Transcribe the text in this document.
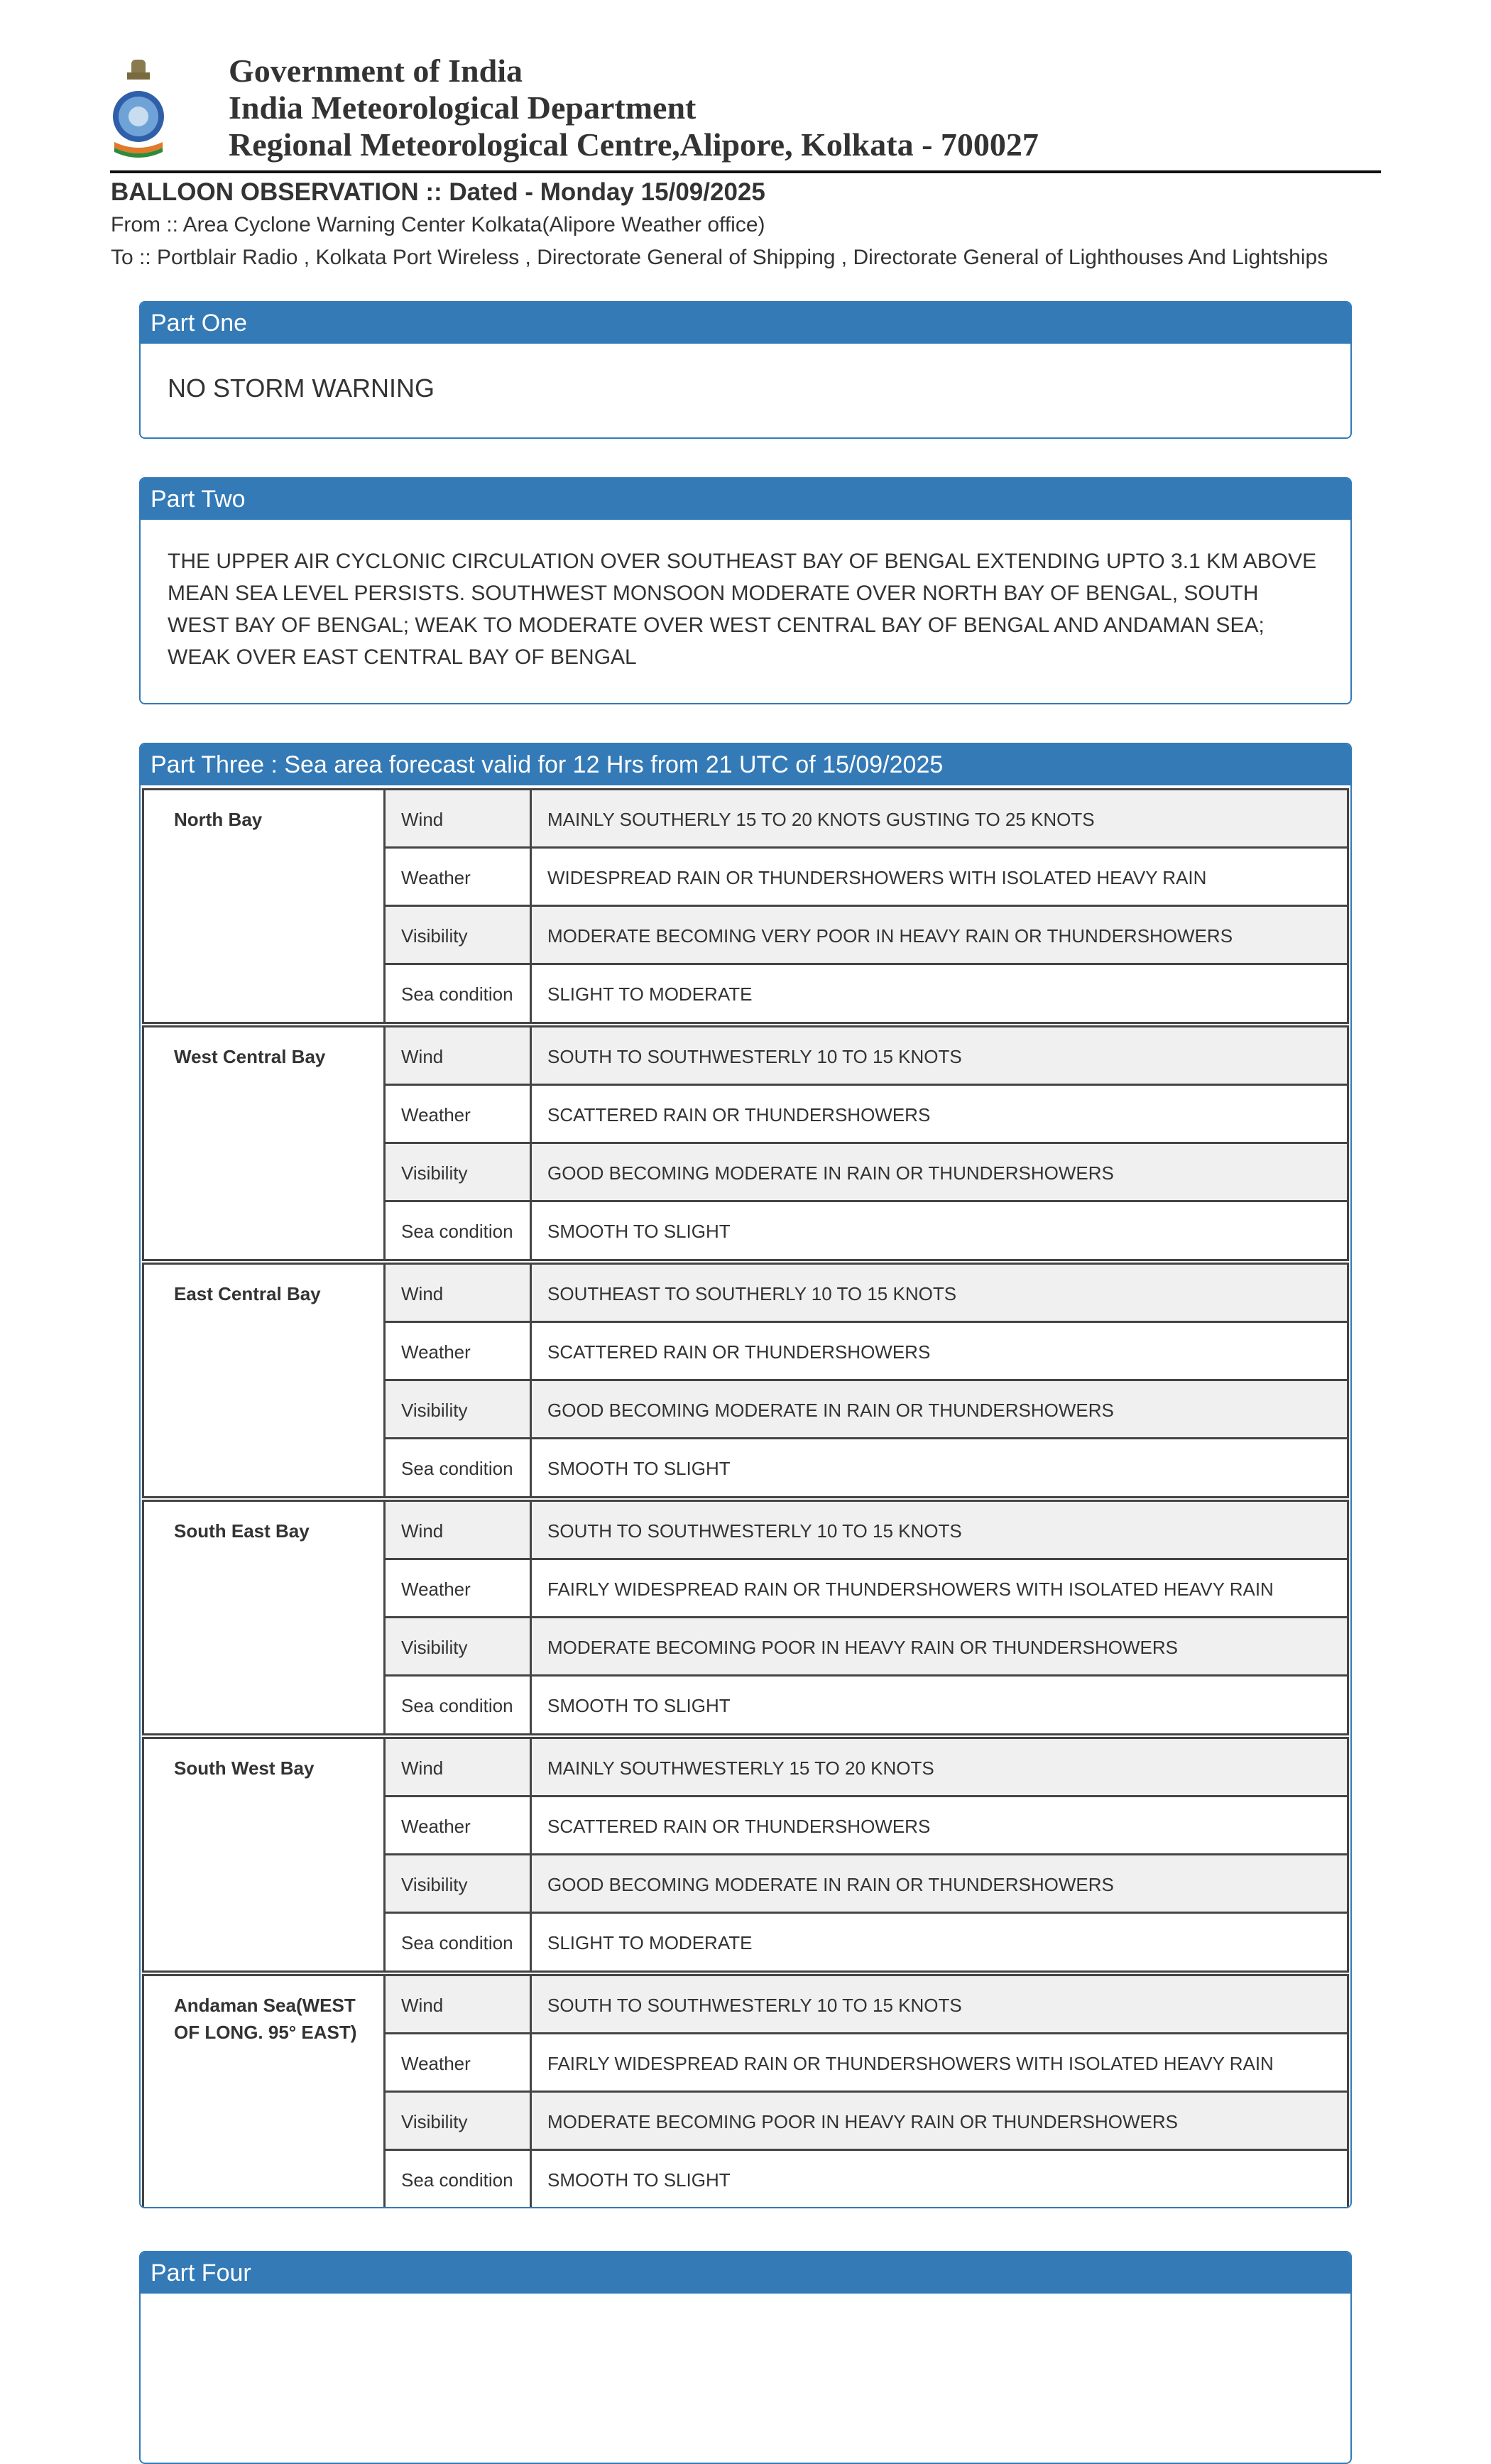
Government of India
India Meteorological Department
Regional Meteorological Centre,Alipore, Kolkata - 700027
BALLOON OBSERVATION :: Dated - Monday 15/09/2025
From :: Area Cyclone Warning Center Kolkata(Alipore Weather office)
To :: Portblair Radio , Kolkata Port Wireless , Directorate General of Shipping , Directorate General of Lighthouses And Lightships
Part One
NO STORM WARNING
Part Two
THE UPPER AIR CYCLONIC CIRCULATION OVER SOUTHEAST BAY OF BENGAL EXTENDING UPTO 3.1 KM ABOVE MEAN SEA LEVEL PERSISTS. SOUTHWEST MONSOON MODERATE OVER NORTH BAY OF BENGAL, SOUTH WEST BAY OF BENGAL; WEAK TO MODERATE OVER WEST CENTRAL BAY OF BENGAL AND ANDAMAN SEA; WEAK OVER EAST CENTRAL BAY OF BENGAL
Part Three : Sea area forecast valid for 12 Hrs from 21 UTC of 15/09/2025
North Bay	Wind	MAINLY SOUTHERLY 15 TO 20 KNOTS GUSTING TO 25 KNOTS
Weather	WIDESPREAD RAIN OR THUNDERSHOWERS WITH ISOLATED HEAVY RAIN
Visibility	MODERATE BECOMING VERY POOR IN HEAVY RAIN OR THUNDERSHOWERS
Sea condition	SLIGHT TO MODERATE
West Central Bay	Wind	SOUTH TO SOUTHWESTERLY 10 TO 15 KNOTS
Weather	SCATTERED RAIN OR THUNDERSHOWERS
Visibility	GOOD BECOMING MODERATE IN RAIN OR THUNDERSHOWERS
Sea condition	SMOOTH TO SLIGHT
East Central Bay	Wind	SOUTHEAST TO SOUTHERLY 10 TO 15 KNOTS
Weather	SCATTERED RAIN OR THUNDERSHOWERS
Visibility	GOOD BECOMING MODERATE IN RAIN OR THUNDERSHOWERS
Sea condition	SMOOTH TO SLIGHT
South East Bay	Wind	SOUTH TO SOUTHWESTERLY 10 TO 15 KNOTS
Weather	FAIRLY WIDESPREAD RAIN OR THUNDERSHOWERS WITH ISOLATED HEAVY RAIN
Visibility	MODERATE BECOMING POOR IN HEAVY RAIN OR THUNDERSHOWERS
Sea condition	SMOOTH TO SLIGHT
South West Bay	Wind	MAINLY SOUTHWESTERLY 15 TO 20 KNOTS
Weather	SCATTERED RAIN OR THUNDERSHOWERS
Visibility	GOOD BECOMING MODERATE IN RAIN OR THUNDERSHOWERS
Sea condition	SLIGHT TO MODERATE
Andaman Sea(WEST OF LONG. 95° EAST)
Wind	SOUTH TO SOUTHWESTERLY 10 TO 15 KNOTS
Weather	FAIRLY WIDESPREAD RAIN OR THUNDERSHOWERS WITH ISOLATED HEAVY RAIN
Visibility	MODERATE BECOMING POOR IN HEAVY RAIN OR THUNDERSHOWERS
Sea condition	SMOOTH TO SLIGHT
Part Four
